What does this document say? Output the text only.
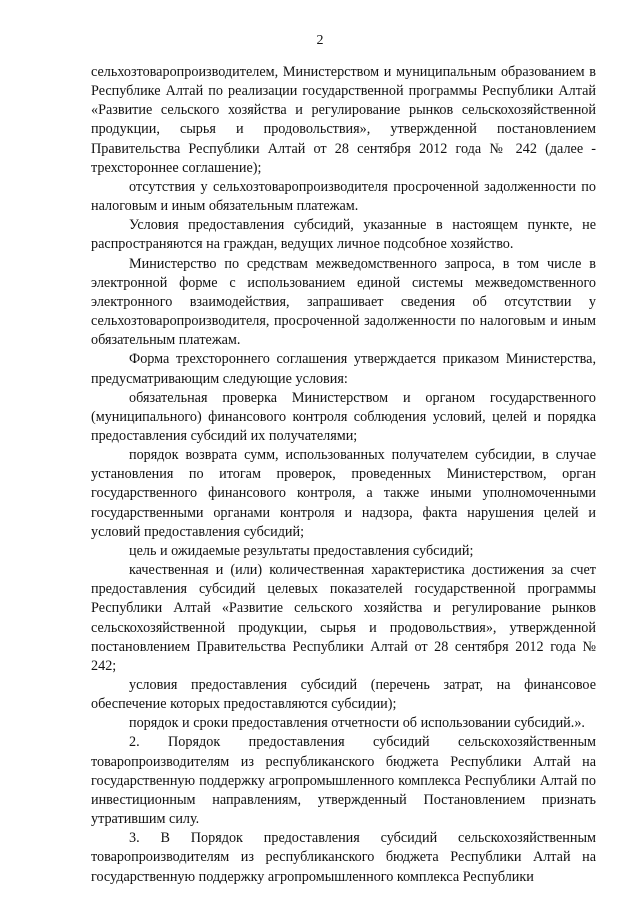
2

сельхозтоваропроизводителем, Министерством и муниципальным образованием в Республике Алтай по реализации государственной программы Республики Алтай «Развитие сельского хозяйства и регулирование рынков сельскохозяйственной продукции, сырья и продовольствия», утвержденной постановлением Правительства Республики Алтай от 28 сентября 2012 года № 242 (далее - трехстороннее соглашение);

отсутствия у сельхозтоваропроизводителя просроченной задолженности по налоговым и иным обязательным платежам.

Условия предоставления субсидий, указанные в настоящем пункте, не распространяются на граждан, ведущих личное подсобное хозяйство.

Министерство по средствам межведомственного запроса, в том числе в электронной форме с использованием единой системы межведомственного электронного взаимодействия, запрашивает сведения об отсутствии у сельхозтоваропроизводителя, просроченной задолженности по налоговым и иным обязательным платежам.

Форма трехстороннего соглашения утверждается приказом Министерства, предусматривающим следующие условия:

обязательная проверка Министерством и органом государственного (муниципального) финансового контроля соблюдения условий, целей и порядка предоставления субсидий их получателями;

порядок возврата сумм, использованных получателем субсидии, в случае установления по итогам проверок, проведенных Министерством, орган государственного финансового контроля, а также иными уполномоченными государственными органами контроля и надзора, факта нарушения целей и условий предоставления субсидий;

цель и ожидаемые результаты предоставления субсидий;

качественная и (или) количественная характеристика достижения за счет предоставления субсидий целевых показателей государственной программы Республики Алтай «Развитие сельского хозяйства и регулирование рынков сельскохозяйственной продукции, сырья и продовольствия», утвержденной постановлением Правительства Республики Алтай от 28 сентября 2012 года № 242;

условия предоставления субсидий (перечень затрат, на финансовое обеспечение которых предоставляются субсидии);

порядок и сроки предоставления отчетности об использовании субсидий.».

2. Порядок предоставления субсидий сельскохозяйственным товаропроизводителям из республиканского бюджета Республики Алтай на государственную поддержку агропромышленного комплекса Республики Алтай по инвестиционным направлениям, утвержденный Постановлением признать утратившим силу.

3. В Порядок предоставления субсидий сельскохозяйственным товаропроизводителям из республиканского бюджета Республики Алтай на государственную поддержку агропромышленного комплекса Республики
